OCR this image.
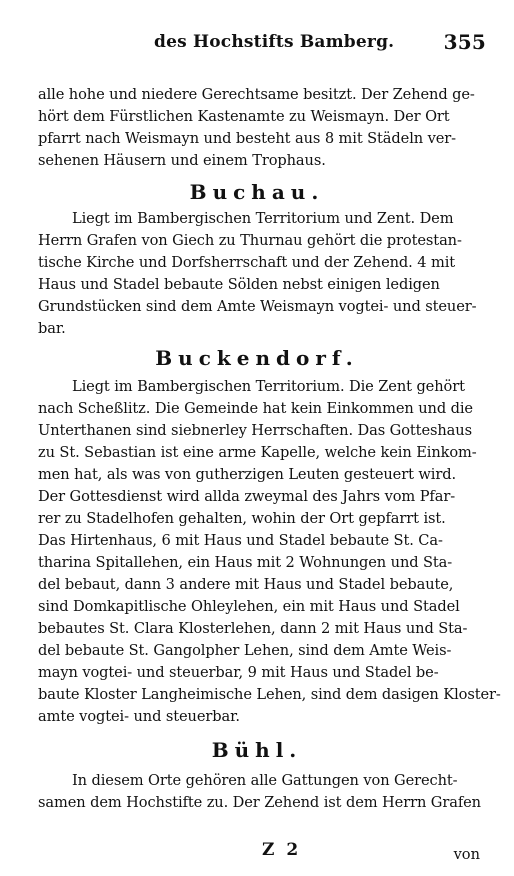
des Hochstifts Bamberg. 355
alle hohe und niedere Gerechtsame besitzt. Der Zehend ge-
hört dem Fürstlichen Kastenamte zu Weismayn. Der Ort
pfarrt nach Weismayn und besteht aus 8 mit Städeln ver-
sehenen Häusern und einem Trophaus.
Buchau.
Liegt im Bambergischen Territorium und Zent. Dem
Herrn Grafen von Giech zu Thurnau gehört die protestan-
tische Kirche und Dorfsherrschaft und der Zehend. 4 mit
Haus und Stadel bebaute Sölden nebst einigen ledigen
Grundstücken sind dem Amte Weismayn vogtei- und steuer-
bar.
Buckendorf.
Liegt im Bambergischen Territorium. Die Zent gehört
nach Scheßlitz. Die Gemeinde hat kein Einkommen und die
Unterthanen sind siebnerley Herrschaften. Das Gotteshaus
zu St. Sebastian ist eine arme Kapelle, welche kein Einkom-
men hat, als was von gutherzigen Leuten gesteuert wird.
Der Gottesdienst wird allda zweymal des Jahrs vom Pfar-
rer zu Stadelhofen gehalten, wohin der Ort gepfarrt ist.
Das Hirtenhaus, 6 mit Haus und Stadel bebaute St. Ca-
tharina Spitallehen, ein Haus mit 2 Wohnungen und Sta-
del bebaut, dann 3 andere mit Haus und Stadel bebaute,
sind Domkapitlische Ohleylehen, ein mit Haus und Stadel
bebautes St. Clara Klosterlehen, dann 2 mit Haus und Sta-
del bebaute St. Gangolpher Lehen, sind dem Amte Weis-
mayn vogtei- und steuerbar, 9 mit Haus und Stadel be-
baute Kloster Langheimische Lehen, sind dem dasigen Kloster-
amte vogtei- und steuerbar.
Bühl.
In diesem Orte gehören alle Gattungen von Gerecht-
samen dem Hochstifte zu. Der Zehend ist dem Herrn Grafen
Z 2	von
